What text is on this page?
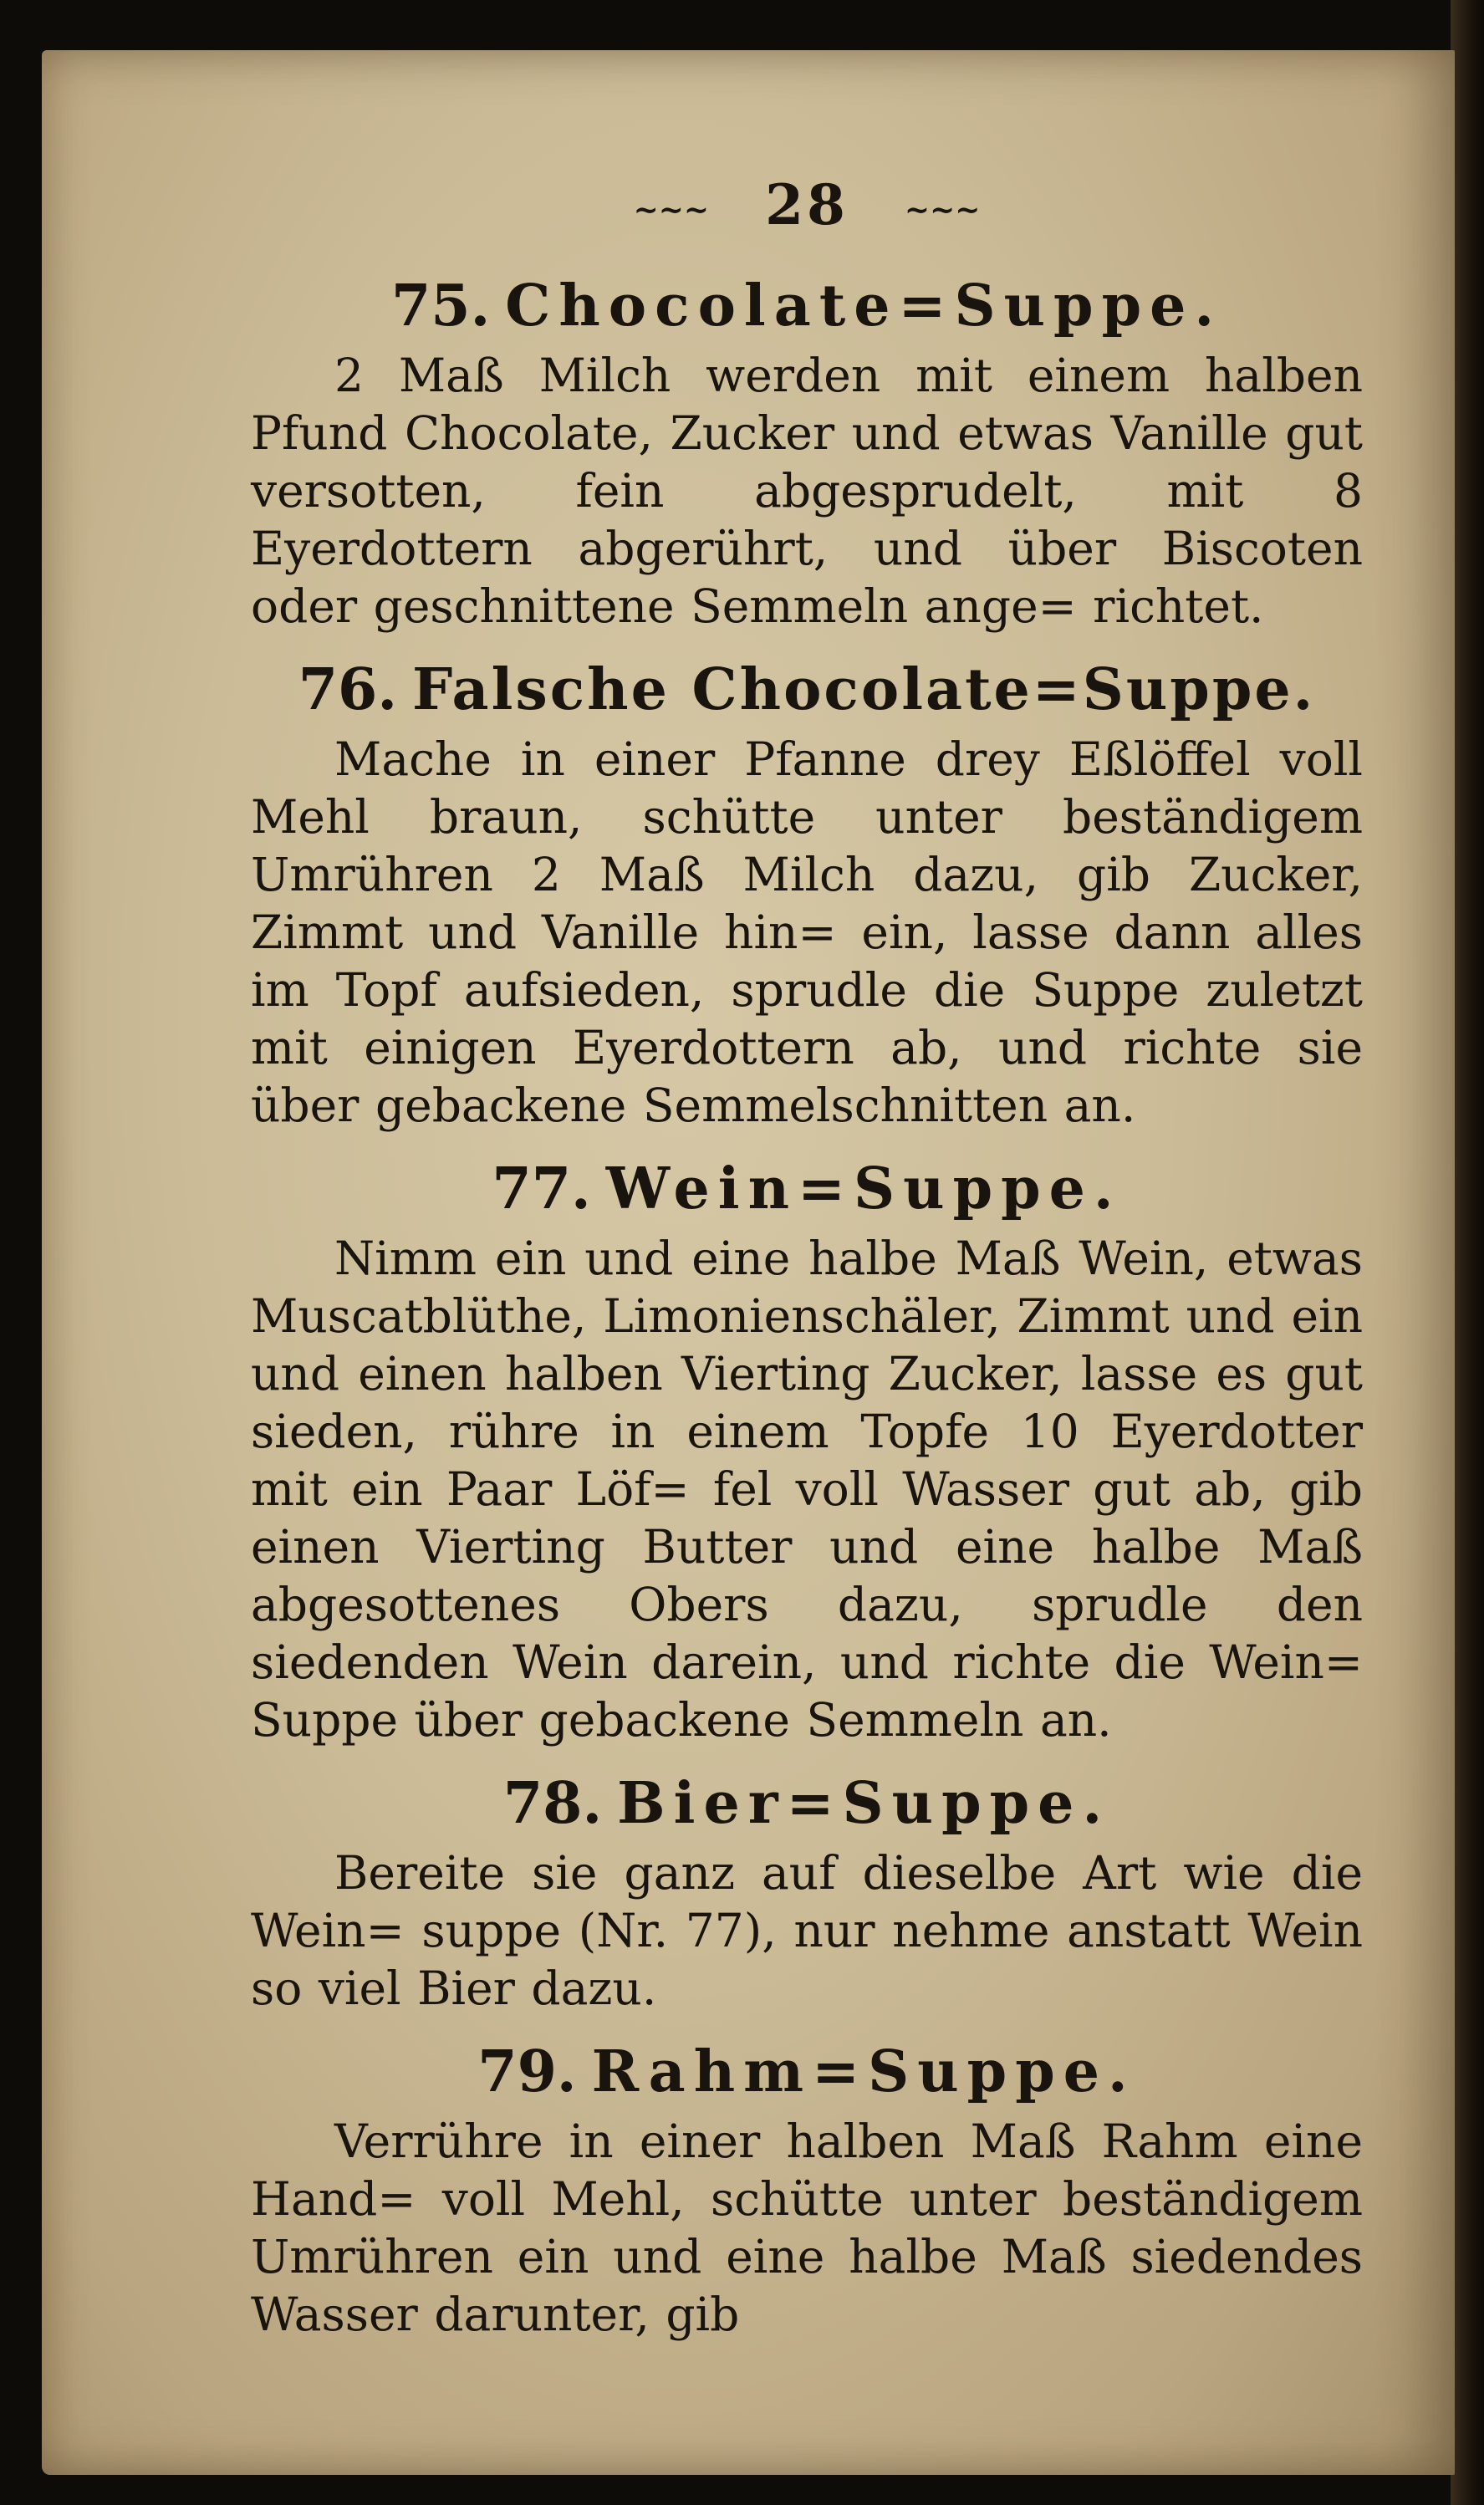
~~~ 28 ~~~
75. Chocolate=Suppe.

2 Maß Milch werden mit einem halben Pfund Chocolate, Zucker und etwas Vanille gut versotten, fein abgesprudelt, mit 8 Eyerdottern abgerührt, und über Biscoten oder geschnittene Semmeln ange= richtet.

76. Falsche Chocolate=Suppe.

Mache in einer Pfanne drey Eßlöffel voll Mehl braun, schütte unter beständigem Umrühren 2 Maß Milch dazu, gib Zucker, Zimmt und Vanille hin= ein, lasse dann alles im Topf aufsieden, sprudle die Suppe zuletzt mit einigen Eyerdottern ab, und richte sie über gebackene Semmelschnitten an.

77. Wein=Suppe.

Nimm ein und eine halbe Maß Wein, etwas Muscatblüthe, Limonienschäler, Zimmt und ein und einen halben Vierting Zucker, lasse es gut sieden, rühre in einem Topfe 10 Eyerdotter mit ein Paar Löf= fel voll Wasser gut ab, gib einen Vierting Butter und eine halbe Maß abgesottenes Obers dazu, sprudle den siedenden Wein darein, und richte die Wein= Suppe über gebackene Semmeln an.

78. Bier=Suppe.

Bereite sie ganz auf dieselbe Art wie die Wein= suppe (Nr. 77), nur nehme anstatt Wein so viel Bier dazu.

79. Rahm=Suppe.

Verrühre in einer halben Maß Rahm eine Hand= voll Mehl, schütte unter beständigem Umrühren ein und eine halbe Maß siedendes Wasser darunter, gib
